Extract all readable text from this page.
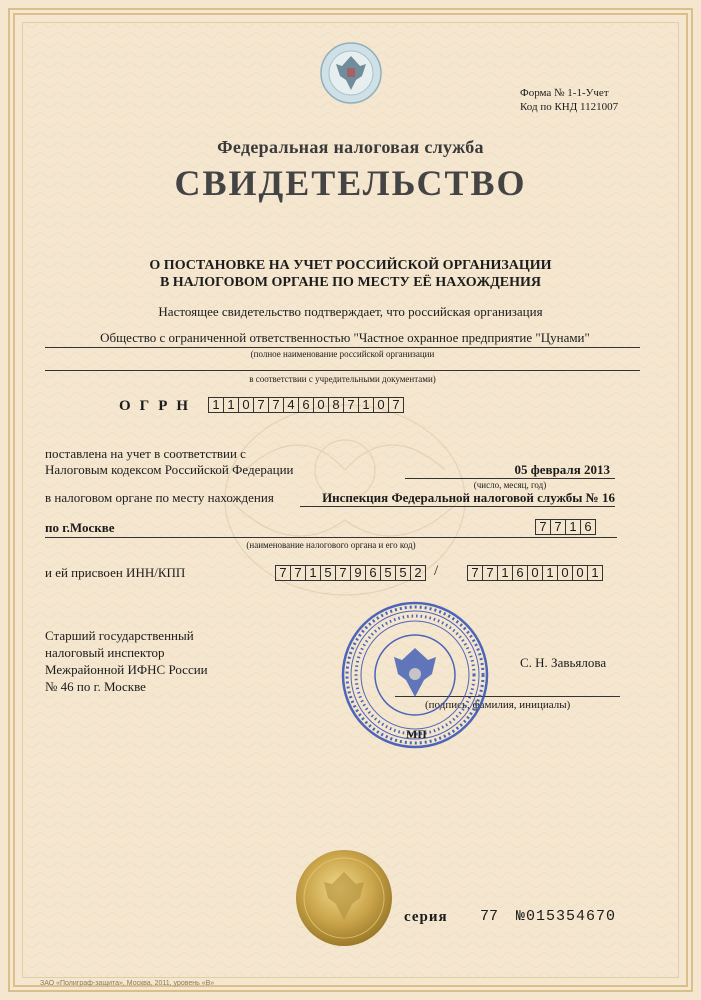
Форма № 1-1-Учет
Код по КНД 1121007
Федеральная налоговая служба
СВИДЕТЕЛЬСТВО
О ПОСТАНОВКЕ НА УЧЕТ РОССИЙСКОЙ ОРГАНИЗАЦИИ
В НАЛОГОВОМ ОРГАНЕ ПО МЕСТУ ЕЁ НАХОЖДЕНИЯ
Настоящее свидетельство подтверждает, что российская организация
Общество с ограниченной ответственностью "Частное охранное предприятие "Цунами"
(полное наименование российской организации
в соответствии с учредительными документами)
ОГРН	1 1 0 7 7 4 6 0 8 7 1 0 7
поставлена на учет в соответствии с
Налоговым кодексом Российской Федерации	05 февраля 2013
(число, месяц, год)
в налоговом органе по месту нахождения	Инспекция Федеральной налоговой службы № 16
по г.Москве	7 7 1 6
(наименование налогового органа и его код)
и ей присвоен ИНН/КПП	7 7 1 5 7 9 6 5 5 2 /	7 7 1 6 0 1 0 0 1
Старший государственный
налоговый инспектор
Межрайонной ИФНС России
№ 46 по г. Москве
С. Н. Завьялова
(подпись, фамилия, инициалы)
МП
серия 77 №015354670
ЗАО «Полиграф-защита», Москва, 2011, уровень «В»
